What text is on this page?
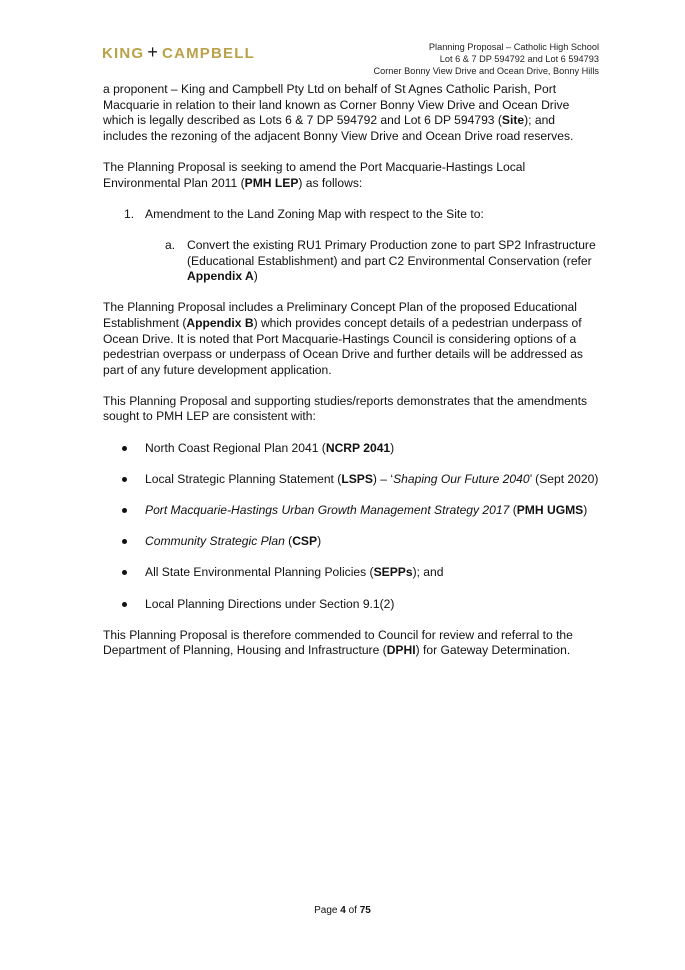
KING + CAMPBELL	Planning Proposal – Catholic High School
Lot 6 & 7 DP 594792 and Lot 6 594793
Corner Bonny View Drive and Ocean Drive, Bonny Hills

a proponent – King and Campbell Pty Ltd on behalf of St Agnes Catholic Parish, Port Macquarie in relation to their land known as Corner Bonny View Drive and Ocean Drive which is legally described as Lots 6 & 7 DP 594792 and Lot 6 DP 594793 (Site); and includes the rezoning of the adjacent Bonny View Drive and Ocean Drive road reserves.

The Planning Proposal is seeking to amend the Port Macquarie-Hastings Local Environmental Plan 2011 (PMH LEP) as follows:

1. Amendment to the Land Zoning Map with respect to the Site to:
a. Convert the existing RU1 Primary Production zone to part SP2 Infrastructure (Educational Establishment) and part C2 Environmental Conservation (refer Appendix A)

The Planning Proposal includes a Preliminary Concept Plan of the proposed Educational Establishment (Appendix B) which provides concept details of a pedestrian underpass of Ocean Drive. It is noted that Port Macquarie-Hastings Council is considering options of a pedestrian overpass or underpass of Ocean Drive and further details will be addressed as part of any future development application.

This Planning Proposal and supporting studies/reports demonstrates that the amendments sought to PMH LEP are consistent with:

North Coast Regional Plan 2041 (NCRP 2041)
Local Strategic Planning Statement (LSPS) – ‘Shaping Our Future 2040’ (Sept 2020)
Port Macquarie-Hastings Urban Growth Management Strategy 2017 (PMH UGMS)
Community Strategic Plan (CSP)
All State Environmental Planning Policies (SEPPs); and
Local Planning Directions under Section 9.1(2)

This Planning Proposal is therefore commended to Council for review and referral to the Department of Planning, Housing and Infrastructure (DPHI) for Gateway Determination.

Page 4 of 75
